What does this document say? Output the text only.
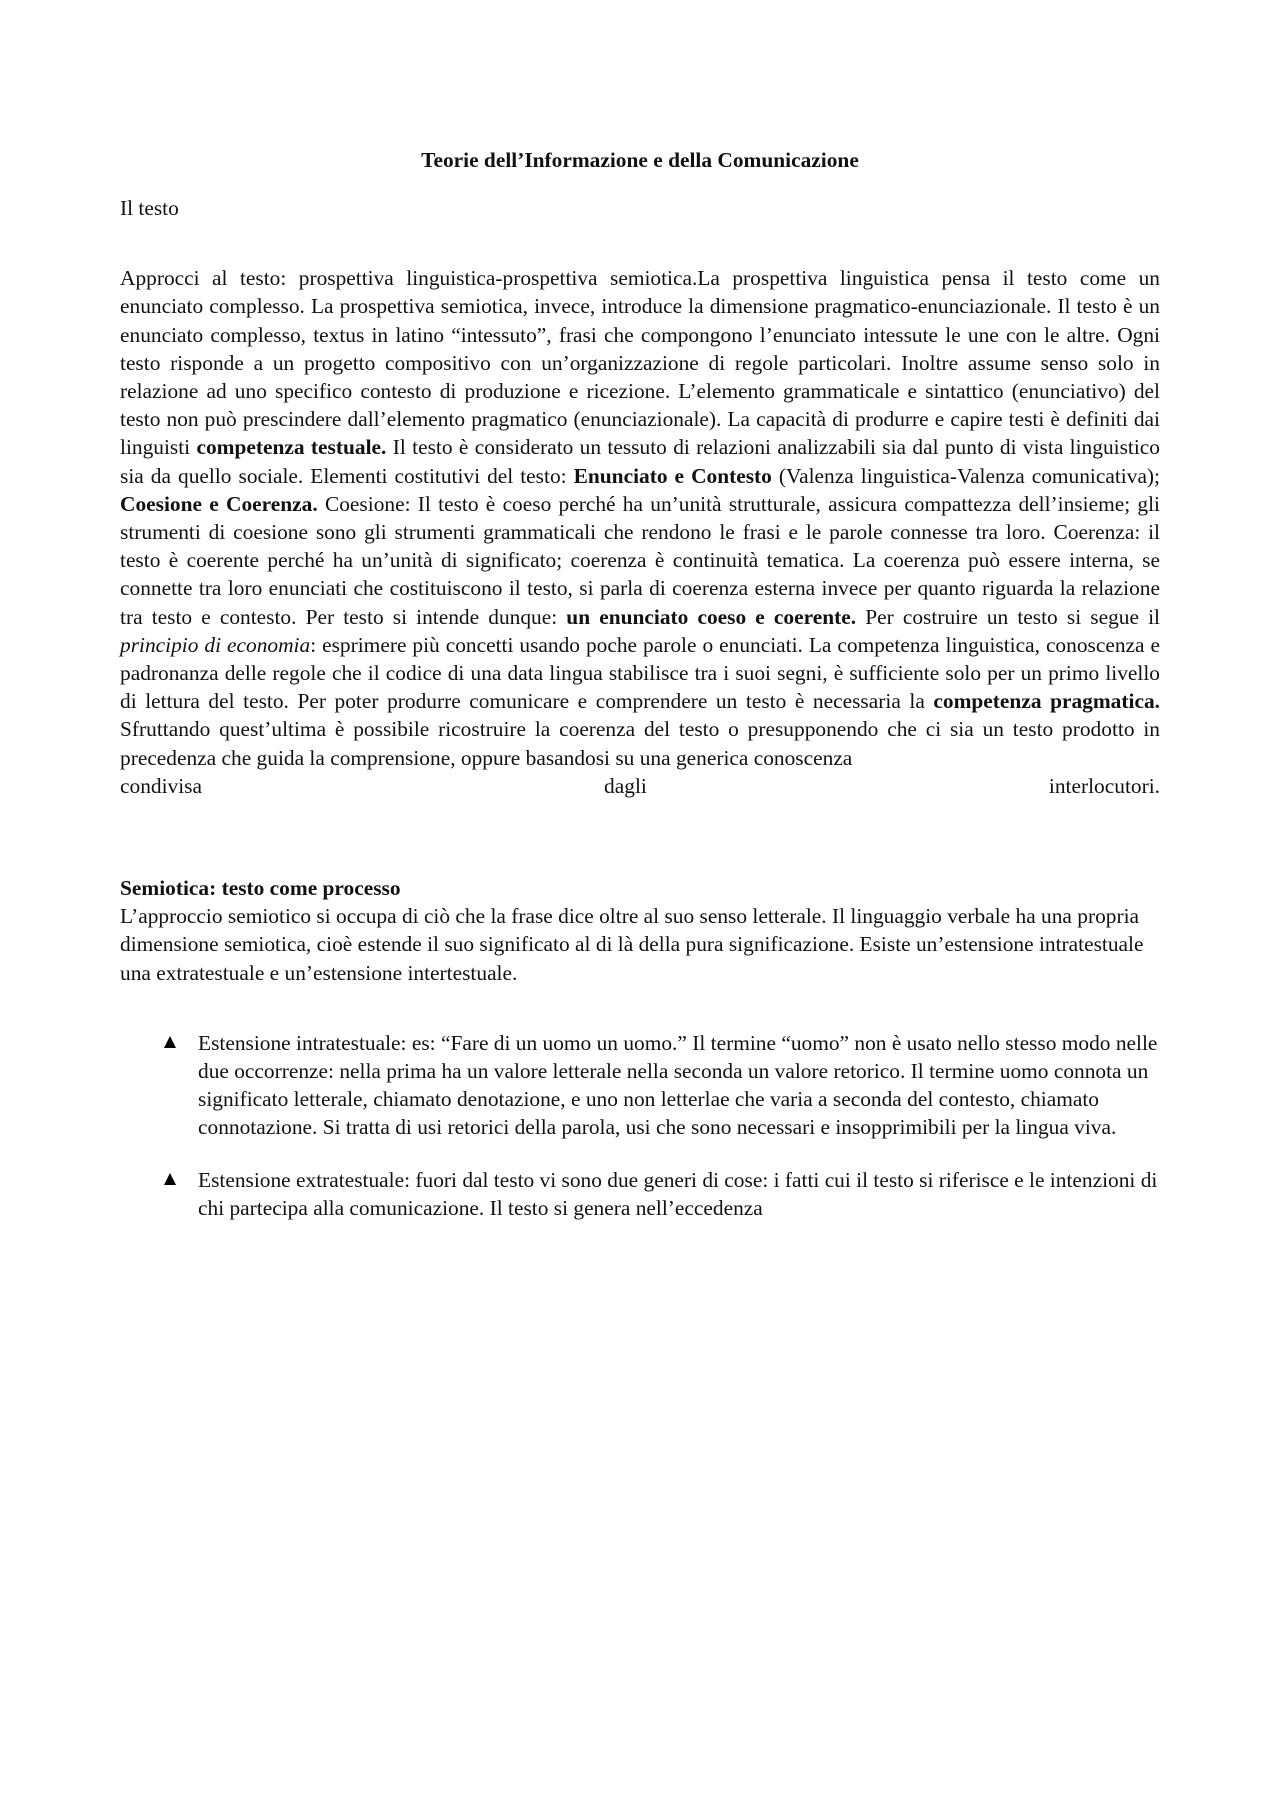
Teorie dell’Informazione e della Comunicazione

Il testo

Approcci al testo: prospettiva linguistica-prospettiva semiotica.La prospettiva linguistica pensa il testo come un enunciato complesso. La prospettiva semiotica, invece, introduce la dimensione pragmatico-enunciazionale. Il testo è un enunciato complesso, textus in latino “intessuto”, frasi che compongono l’enunciato intessute le une con le altre. Ogni testo risponde a un progetto compositivo con un’organizzazione di regole particolari. Inoltre assume senso solo in relazione ad uno specifico contesto di produzione e ricezione. L’elemento grammaticale e sintattico (enunciativo) del testo non può prescindere dall’elemento pragmatico (enunciazionale). La capacità di produrre e capire testi è definiti dai linguisti competenza testuale. Il testo è considerato un tessuto di relazioni analizzabili sia dal punto di vista linguistico sia da quello sociale. Elementi costitutivi del testo: Enunciato e Contesto (Valenza linguistica-Valenza comunicativa); Coesione e Coerenza. Coesione: Il testo è coeso perché ha un’unità strutturale, assicura compattezza dell’insieme; gli strumenti di coesione sono gli strumenti grammaticali che rendono le frasi e le parole connesse tra loro. Coerenza: il testo è coerente perché ha un’unità di significato; coerenza è continuità tematica. La coerenza può essere interna, se connette tra loro enunciati che costituiscono il testo, si parla di coerenza esterna invece per quanto riguarda la relazione tra testo e contesto. Per testo si intende dunque: un enunciato coeso e coerente. Per costruire un testo si segue il principio di economia: esprimere più concetti usando poche parole o enunciati. La competenza linguistica, conoscenza e padronanza delle regole che il codice di una data lingua stabilisce tra i suoi segni, è sufficiente solo per un primo livello di lettura del testo. Per poter produrre comunicare e comprendere un testo è necessaria la competenza pragmatica. Sfruttando quest’ultima è possibile ricostruire la coerenza del testo o presupponendo che ci sia un testo prodotto in precedenza che guida la comprensione, oppure basandosi su una generica conoscenza

condivisa dagli interlocutori.

Semiotica: testo come processo

L’approccio semiotico si occupa di ciò che la frase dice oltre al suo senso letterale. Il linguaggio verbale ha una propria dimensione semiotica, cioè estende il suo significato al di là della pura significazione. Esiste un’estensione intratestuale una extratestuale e un’estensione intertestuale.

Estensione intratestuale: es: “Fare di un uomo un uomo.” Il termine “uomo” non è usato nello stesso modo nelle due occorrenze: nella prima ha un valore letterale nella seconda un valore retorico. Il termine uomo connota un significato letterale, chiamato denotazione, e uno non letterlae che varia a seconda del contesto, chiamato connotazione. Si tratta di usi retorici della parola, usi che sono necessari e insopprimibili per la lingua viva.
Estensione extratestuale: fuori dal testo vi sono due generi di cose: i fatti cui il testo si riferisce e le intenzioni di chi partecipa alla comunicazione. Il testo si genera nell’eccedenza
